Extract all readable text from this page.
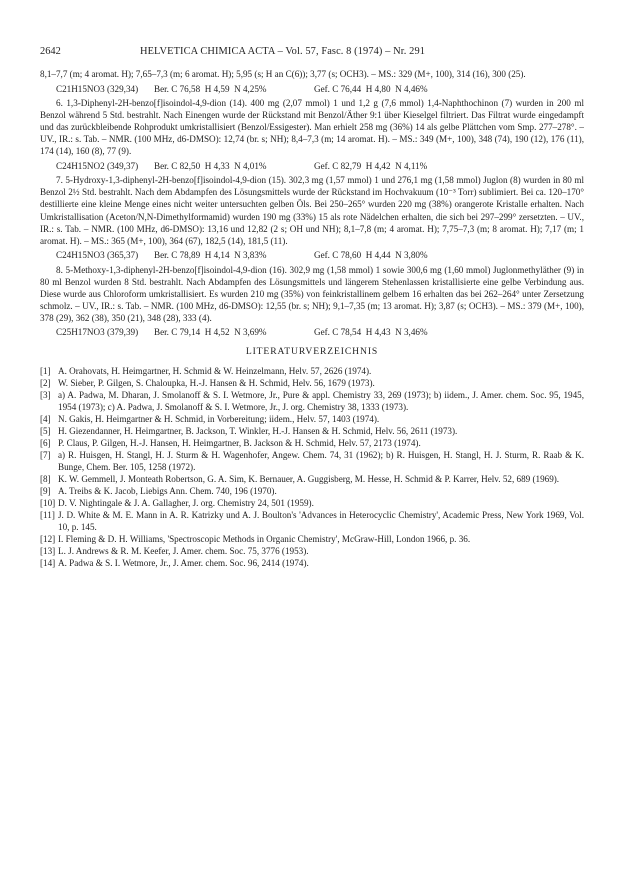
2642	HELVETICA CHIMICA ACTA – Vol. 57, Fasc. 8 (1974) – Nr. 291

8,1–7,7 (m; 4 aromat. H); 7,65–7,3 (m; 6 aromat. H); 5,95 (s; H an C(6)); 3,77 (s; OCH3). – MS.: 329 (M+, 100), 314 (16), 300 (25).

C21H15NO3 (329,34) Ber. C 76,58  H 4,59  N 4,25%	Gef. C 76,44  H 4,80  N 4,46%

6. 1,3-Diphenyl-2H-benzo[f]isoindol-4,9-dion (14). 400 mg (2,07 mmol) 1 und 1,2 g (7,6 mmol) 1,4-Naphthochinon (7) wurden in 200 ml Benzol während 5 Std. bestrahlt. Nach Einengen wurde der Rückstand mit Benzol/Äther 9:1 über Kieselgel filtriert. Das Filtrat wurde eingedampft und das zurückbleibende Rohprodukt umkristallisiert (Benzol/Essigester). Man erhielt 258 mg (36%) 14 als gelbe Plättchen vom Smp. 277–278°. – UV., IR.: s. Tab. – NMR. (100 MHz, d6-DMSO): 12,74 (br. s; NH); 8,4–7,3 (m; 14 aromat. H). – MS.: 349 (M+, 100), 348 (74), 190 (12), 176 (11), 174 (14), 160 (8), 77 (9).

C24H15NO2 (349,37) Ber. C 82,50  H 4,33  N 4,01%	Gef. C 82,79  H 4,42  N 4,11%

7. 5-Hydroxy-1,3-diphenyl-2H-benzo[f]isoindol-4,9-dion (15). 302,3 mg (1,57 mmol) 1 und 276,1 mg (1,58 mmol) Juglon (8) wurden in 80 ml Benzol 2½ Std. bestrahlt. Nach dem Abdampfen des Lösungsmittels wurde der Rückstand im Hochvakuum (10⁻³ Torr) sublimiert. Bei ca. 120–170° destillierte eine kleine Menge eines nicht weiter untersuchten gelben Öls. Bei 250–265° wurden 220 mg (38%) orangerote Kristalle erhalten. Nach Umkristallisation (Aceton/N,N-Dimethylformamid) wurden 190 mg (33%) 15 als rote Nädelchen erhalten, die sich bei 297–299° zersetzten. – UV., IR.: s. Tab. – NMR. (100 MHz, d6-DMSO): 13,16 und 12,82 (2 s; OH und NH); 8,1–7,8 (m; 4 aromat. H); 7,75–7,3 (m; 8 aromat. H); 7,17 (m; 1 aromat. H). – MS.: 365 (M+, 100), 364 (67), 182,5 (14), 181,5 (11).

C24H15NO3 (365,37) Ber. C 78,89  H 4,14  N 3,83%	Gef. C 78,60  H 4,44  N 3,80%

8. 5-Methoxy-1,3-diphenyl-2H-benzo[f]isoindol-4,9-dion (16). 302,9 mg (1,58 mmol) 1 sowie 300,6 mg (1,60 mmol) Juglonmethyläther (9) in 80 ml Benzol wurden 8 Std. bestrahlt. Nach Abdampfen des Lösungsmittels und längerem Stehenlassen kristallisierte eine gelbe Verbindung aus. Diese wurde aus Chloroform umkristallisiert. Es wurden 210 mg (35%) von feinkristallinem gelbem 16 erhalten das bei 262–264° unter Zersetzung schmolz. – UV., IR.: s. Tab. – NMR. (100 MHz, d6-DMSO): 12,55 (br. s; NH); 9,1–7,35 (m; 13 aromat. H); 3,87 (s; OCH3). – MS.: 379 (M+, 100), 378 (29), 362 (38), 350 (21), 348 (28), 333 (4).

C25H17NO3 (379,39) Ber. C 79,14  H 4,52  N 3,69%	Gef. C 78,54  H 4,43  N 3,46%

LITERATURVERZEICHNIS

[1] A. Orahovats, H. Heimgartner, H. Schmid & W. Heinzelmann, Helv. 57, 2626 (1974).

[2] W. Sieber, P. Gilgen, S. Chaloupka, H.-J. Hansen & H. Schmid, Helv. 56, 1679 (1973).

[3] a) A. Padwa, M. Dharan, J. Smolanoff & S. I. Wetmore, Jr., Pure & appl. Chemistry 33, 269 (1973); b) iidem., J. Amer. chem. Soc. 95, 1945, 1954 (1973); c) A. Padwa, J. Smolanoff & S. I. Wetmore, Jr., J. org. Chemistry 38, 1333 (1973).

[4] N. Gakis, H. Heimgartner & H. Schmid, in Vorbereitung; iidem., Helv. 57, 1403 (1974).

[5] H. Giezendanner, H. Heimgartner, B. Jackson, T. Winkler, H.-J. Hansen & H. Schmid, Helv. 56, 2611 (1973).

[6] P. Claus, P. Gilgen, H.-J. Hansen, H. Heimgartner, B. Jackson & H. Schmid, Helv. 57, 2173 (1974).

[7] a) R. Huisgen, H. Stangl, H. J. Sturm & H. Wagenhofer, Angew. Chem. 74, 31 (1962); b) R. Huisgen, H. Stangl, H. J. Sturm, R. Raab & K. Bunge, Chem. Ber. 105, 1258 (1972).

[8] K. W. Gemmell, J. Monteath Robertson, G. A. Sim, K. Bernauer, A. Guggisberg, M. Hesse, H. Schmid & P. Karrer, Helv. 52, 689 (1969).

[9] A. Treibs & K. Jacob, Liebigs Ann. Chem. 740, 196 (1970).

[10] D. V. Nightingale & J. A. Gallagher, J. org. Chemistry 24, 501 (1959).

[11] J. D. White & M. E. Mann in A. R. Katrizky und A. J. Boulton's 'Advances in Heterocyclic Chemistry', Academic Press, New York 1969, Vol. 10, p. 145.

[12] I. Fleming & D. H. Williams, 'Spectroscopic Methods in Organic Chemistry', McGraw-Hill, London 1966, p. 36.

[13] L. J. Andrews & R. M. Keefer, J. Amer. chem. Soc. 75, 3776 (1953).

[14] A. Padwa & S. I. Wetmore, Jr., J. Amer. chem. Soc. 96, 2414 (1974).
